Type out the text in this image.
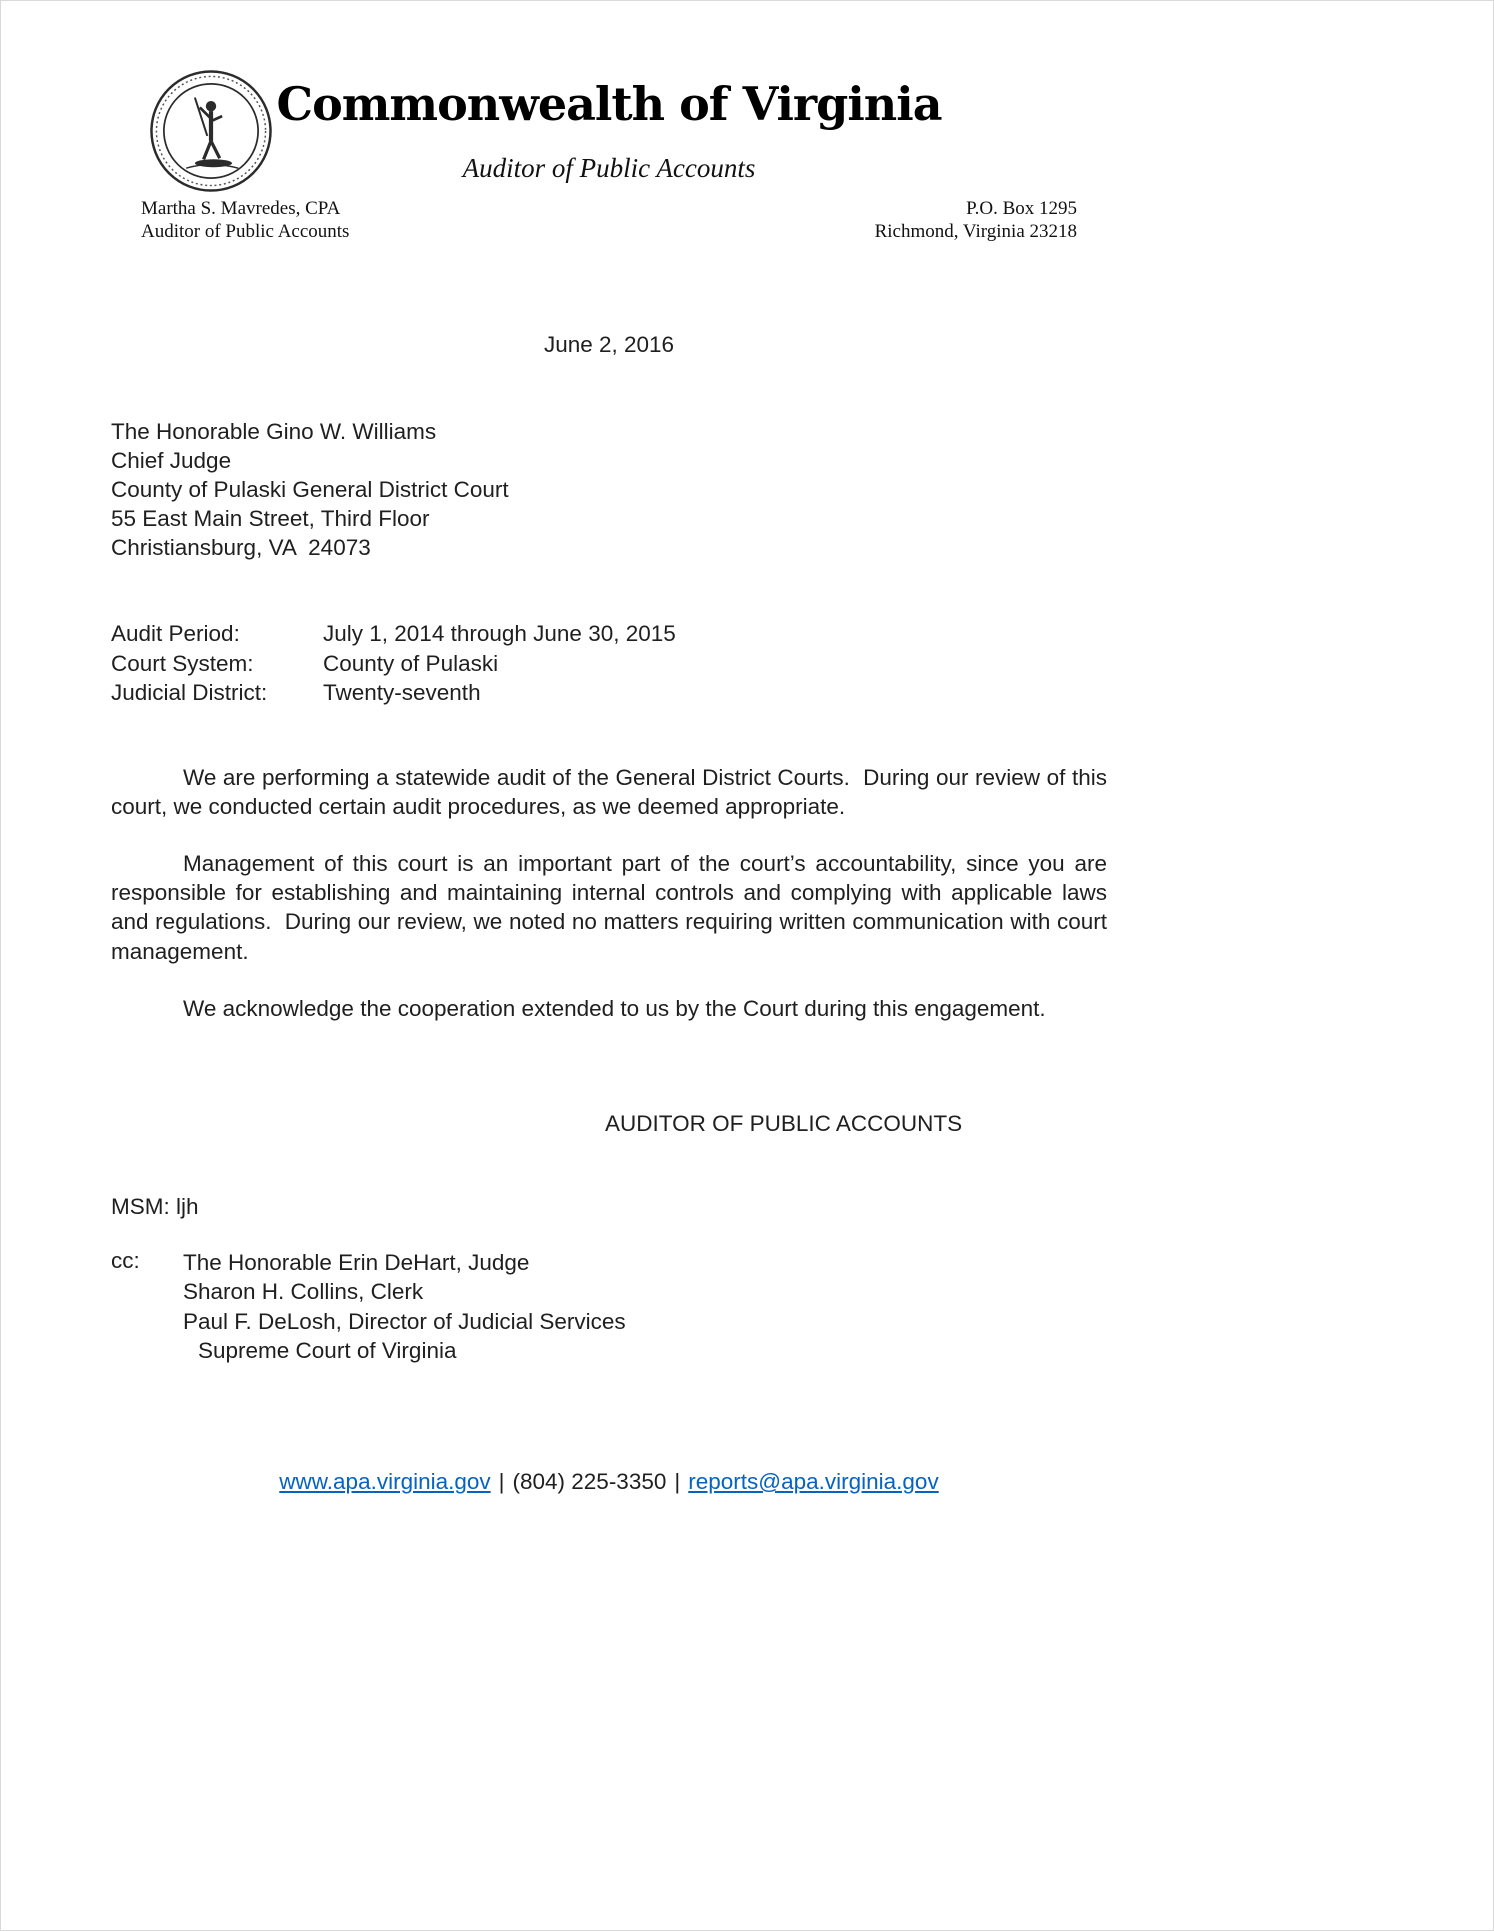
Commonwealth of Virginia
Auditor of Public Accounts
Martha S. Mavredes, CPA
Auditor of Public Accounts
P.O. Box 1295
Richmond, Virginia 23218
June 2, 2016
The Honorable Gino W. Williams
Chief Judge
County of Pulaski General District Court
55 East Main Street, Third Floor
Christiansburg, VA  24073
Audit Period:	July 1, 2014 through June 30, 2015
Court System:	County of Pulaski
Judicial District:	Twenty-seventh

We are performing a statewide audit of the General District Courts.  During our review of this court, we conducted certain audit procedures, as we deemed appropriate.

Management of this court is an important part of the court’s accountability, since you are responsible for establishing and maintaining internal controls and complying with applicable laws and regulations.  During our review, we noted no matters requiring written communication with court management.

We acknowledge the cooperation extended to us by the Court during this engagement.

AUDITOR OF PUBLIC ACCOUNTS
MSM: ljh
cc:	The Honorable Erin DeHart, Judge
Sharon H. Collins, Clerk
Paul F. DeLosh, Director of Judicial Services
Supreme Court of Virginia
www.apa.virginia.gov | (804) 225-3350 | reports@apa.virginia.gov
